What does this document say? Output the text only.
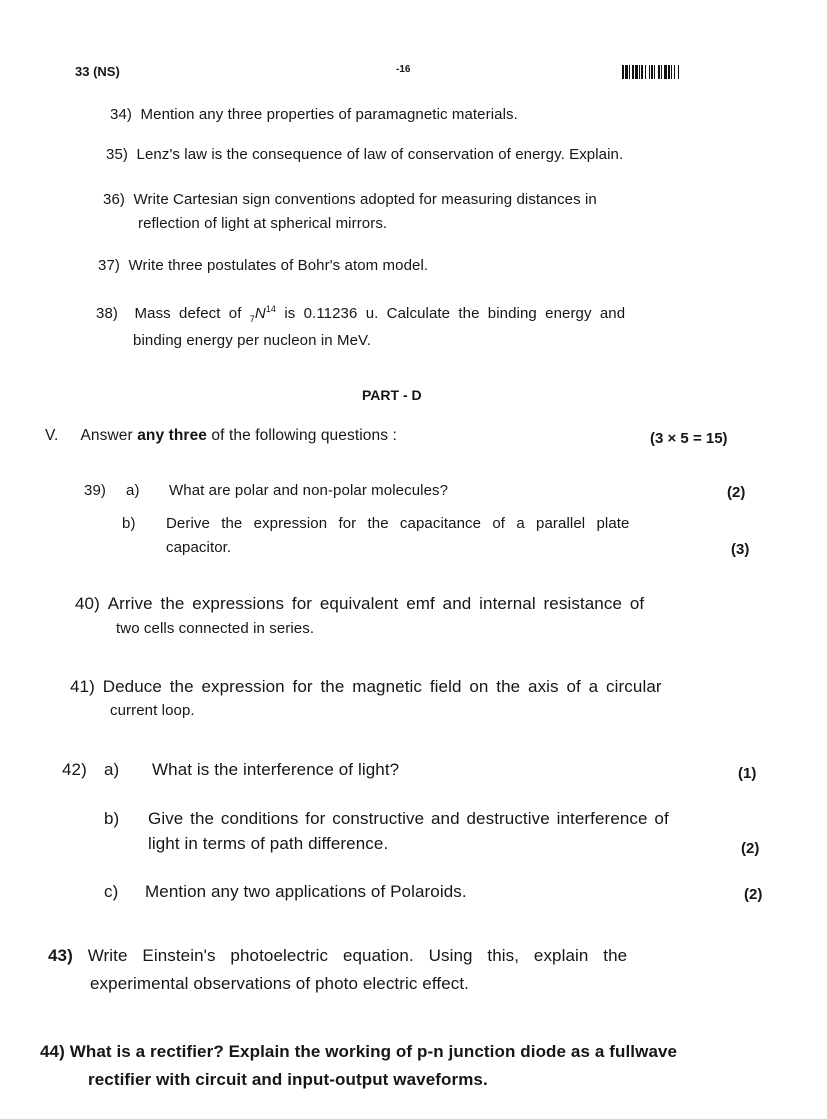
33 (NS)	-16
34) Mention any three properties of paramagnetic materials.
35) Lenz's law is the consequence of law of conservation of energy. Explain.
36) Write Cartesian sign conventions adopted for measuring distances in
reflection of light at spherical mirrors.
37) Write three postulates of Bohr's atom model.
38) Mass defect of $_7N^{14}$ is 0.11236 u. Calculate the binding energy and
binding energy per nucleon in MeV.
PART - D
V. Answer any three of the following questions :	(3 × 5 = 15)
39) a) What are polar and non-polar molecules?	(2)
b) Derive the expression for the capacitance of a parallel plate
capacitor.	(3)
40) Arrive the expressions for equivalent emf and internal resistance of
two cells connected in series.
41) Deduce the expression for the magnetic field on the axis of a circular
current loop.
42) a) What is the interference of light?	(1)
b) Give the conditions for constructive and destructive interference of
light in terms of path difference.	(2)
c) Mention any two applications of Polaroids.	(2)
43) Write Einstein's photoelectric equation. Using this, explain the
experimental observations of photo electric effect.
44) What is a rectifier? Explain the working of p-n junction diode as a fullwave
rectifier with circuit and input-output waveforms.
